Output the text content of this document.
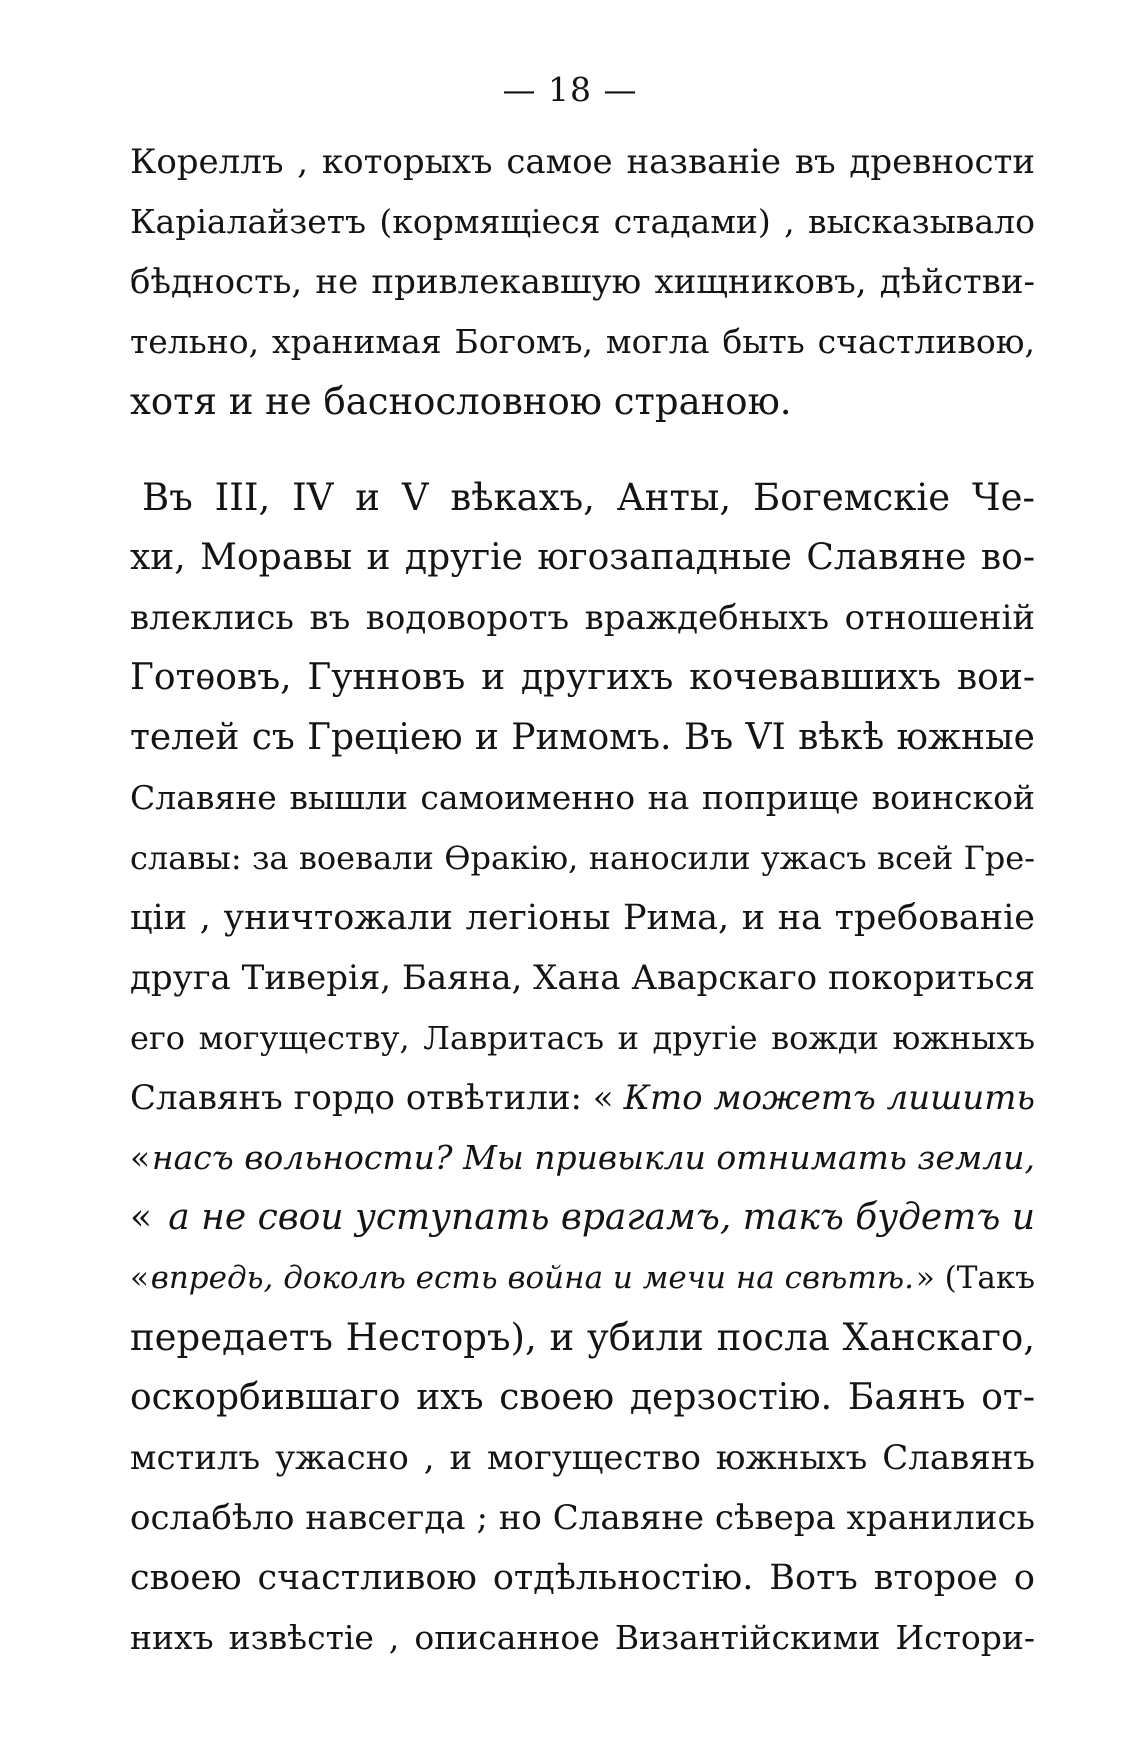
— 18 —
Кореллъ , которыхъ самое названіе въ древности
Каріалайзетъ (кормящіеся стадами) , высказывало
бѣдность, не привлекавшую хищниковъ, дѣйстви-
тельно, хранимая Богомъ, могла быть счастливою,
хотя и не баснословною страною.
Въ III, IV и V вѣкахъ, Анты, Богемскіе Че-
хи, Моравы и другіе югозападные Славяне во-
влеклись въ водоворотъ враждебныхъ отношеній
Готѳовъ, Гунновъ и другихъ кочевавшихъ вои-
телей съ Греціею и Римомъ. Въ VI вѣкѣ южные
Славяне вышли самоименно на поприще воинской
славы: за воевали Ѳракію, наносили ужасъ всей Гре-
ціи , уничтожали легіоны Рима, и на требованіе
друга Тиверія, Баяна, Хана Аварскаго покориться
его могуществу, Лавритасъ и другіе вожди южныхъ
Славянъ гордо отвѣтили: « Кто можетъ лишить
« насъ вольности? Мы привыкли отнимать земли,
« а не свои уступать врагамъ, такъ будетъ и
« впредь, доколѣ есть война и мечи на свѣтѣ. » (Такъ
передаетъ Несторъ), и убили посла Ханскаго,
оскорбившаго ихъ своею дерзостію. Баянъ от-
мстилъ ужасно , и могущество южныхъ Славянъ
ослабѣло навсегда ; но Славяне сѣвера хранились
своею счастливою отдѣльностію. Вотъ второе о
нихъ извѣстіе , описанное Византійскими Истори-
